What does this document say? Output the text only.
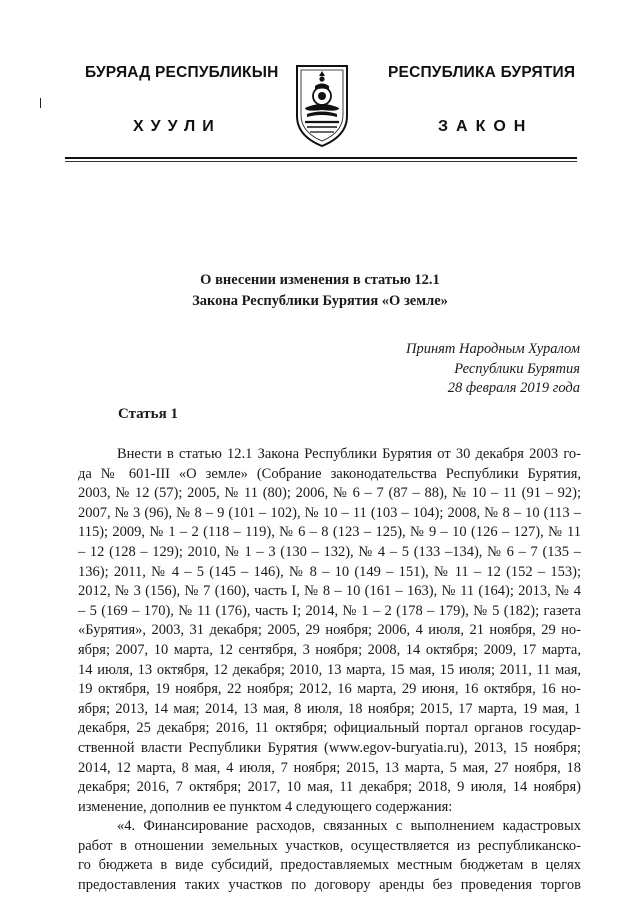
БУРЯАД РЕСПУБЛИКЫН
ХУУЛИ
РЕСПУБЛИКА БУРЯТИЯ
ЗАКОН
О внесении изменения в статью 12.1
Закона Республики Бурятия «О земле»
Принят Народным Хуралом
Республики Бурятия
28 февраля 2019 года
Статья 1
Внести в статью 12.1 Закона Республики Бурятия от 30 декабря 2003 го-
да № 601-III «О земле» (Собрание законодательства Республики Бурятия,
2003, № 12 (57); 2005, № 11 (80); 2006, № 6 – 7 (87 – 88), № 10 – 11 (91 – 92);
2007, № 3 (96), № 8 – 9 (101 – 102), № 10 – 11 (103 – 104); 2008, № 8 – 10 (113 –
115); 2009, № 1 – 2 (118 – 119), № 6 – 8 (123 – 125), № 9 – 10 (126 – 127), № 11
– 12 (128 – 129); 2010, № 1 – 3 (130 – 132), № 4 – 5 (133 –134), № 6 – 7 (135 –
136); 2011, № 4 – 5 (145 – 146), № 8 – 10 (149 – 151), № 11 – 12 (152 – 153);
2012, № 3 (156), № 7 (160), часть I, № 8 – 10 (161 – 163), № 11 (164); 2013, № 4
– 5 (169 – 170), № 11 (176), часть I; 2014, № 1 – 2 (178 – 179), № 5 (182); газета
«Бурятия», 2003, 31 декабря; 2005, 29 ноября; 2006, 4 июля, 21 ноября, 29 но-
ября; 2007, 10 марта, 12 сентября, 3 ноября; 2008, 14 октября; 2009, 17 марта,
14 июля, 13 октября, 12 декабря; 2010, 13 марта, 15 мая, 15 июля; 2011, 11 мая,
19 октября, 19 ноября, 22 ноября; 2012, 16 марта, 29 июня, 16 октября, 16 но-
ября; 2013, 14 мая; 2014, 13 мая, 8 июля, 18 ноября; 2015, 17 марта, 19 мая, 1
декабря, 25 декабря; 2016, 11 октября; официальный портал органов государ-
ственной власти Республики Бурятия (www.egov-buryatia.ru), 2013, 15 ноября;
2014, 12 марта, 8 мая, 4 июля, 7 ноября; 2015, 13 марта, 5 мая, 27 ноября, 18
декабря; 2016, 7 октября; 2017, 10 мая, 11 декабря; 2018, 9 июля, 14 ноября)
изменение, дополнив ее пунктом 4 следующего содержания:
«4. Финансирование расходов, связанных с выполнением кадастровых
работ в отношении земельных участков, осуществляется из республиканско-
го бюджета в виде субсидий, предоставляемых местным бюджетам в целях
предоставления таких участков по договору аренды без проведения торгов
